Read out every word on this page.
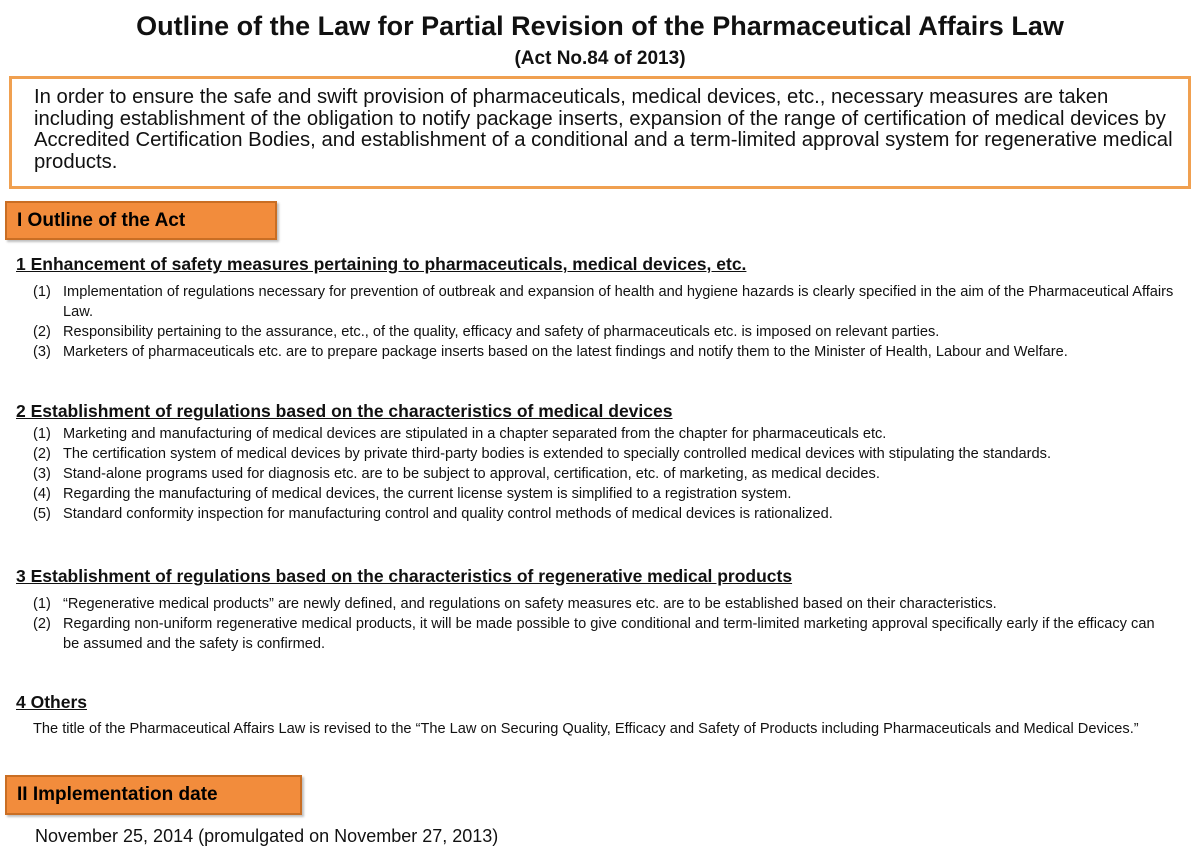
Outline of the Law for Partial Revision of the Pharmaceutical Affairs Law
(Act No.84 of 2013)
In order to ensure the safe and swift provision of pharmaceuticals, medical devices, etc., necessary measures are taken including establishment of the obligation to notify package inserts, expansion of the range of certification of medical devices by Accredited Certification Bodies, and establishment of a conditional and a term-limited approval system for regenerative medical products.
I Outline of the Act
1 Enhancement of safety measures pertaining to pharmaceuticals, medical devices, etc.
(1) Implementation of regulations necessary for prevention of outbreak and expansion of health and hygiene hazards is clearly specified in the aim of the Pharmaceutical Affairs Law.
(2) Responsibility pertaining to the assurance, etc., of the quality, efficacy and safety of pharmaceuticals etc. is imposed on relevant parties.
(3) Marketers of pharmaceuticals etc. are to prepare package inserts based on the latest findings and notify them to the Minister of Health, Labour and Welfare.
2 Establishment of regulations based on the characteristics of medical devices
(1) Marketing and manufacturing of medical devices are stipulated in a chapter separated from the chapter for pharmaceuticals etc.
(2) The certification system of medical devices by private third-party bodies is extended to specially controlled medical devices with stipulating the standards.
(3) Stand-alone programs used for diagnosis etc. are to be subject to approval, certification, etc. of marketing, as medical decides.
(4) Regarding the manufacturing of medical devices, the current license system is simplified to a registration system.
(5) Standard conformity inspection for manufacturing control and quality control methods of medical devices is rationalized.
3 Establishment of regulations based on the characteristics of regenerative medical products
(1) “Regenerative medical products” are newly defined, and regulations on safety measures etc. are to be established based on their characteristics.
(2) Regarding non-uniform regenerative medical products, it will be made possible to give conditional and term-limited marketing approval specifically early if the efficacy can be assumed and the safety is confirmed.
4 Others
The title of the Pharmaceutical Affairs Law is revised to the “The Law on Securing Quality, Efficacy and Safety of Products including Pharmaceuticals and Medical Devices.”
II Implementation date
November 25, 2014 (promulgated on November 27, 2013)
